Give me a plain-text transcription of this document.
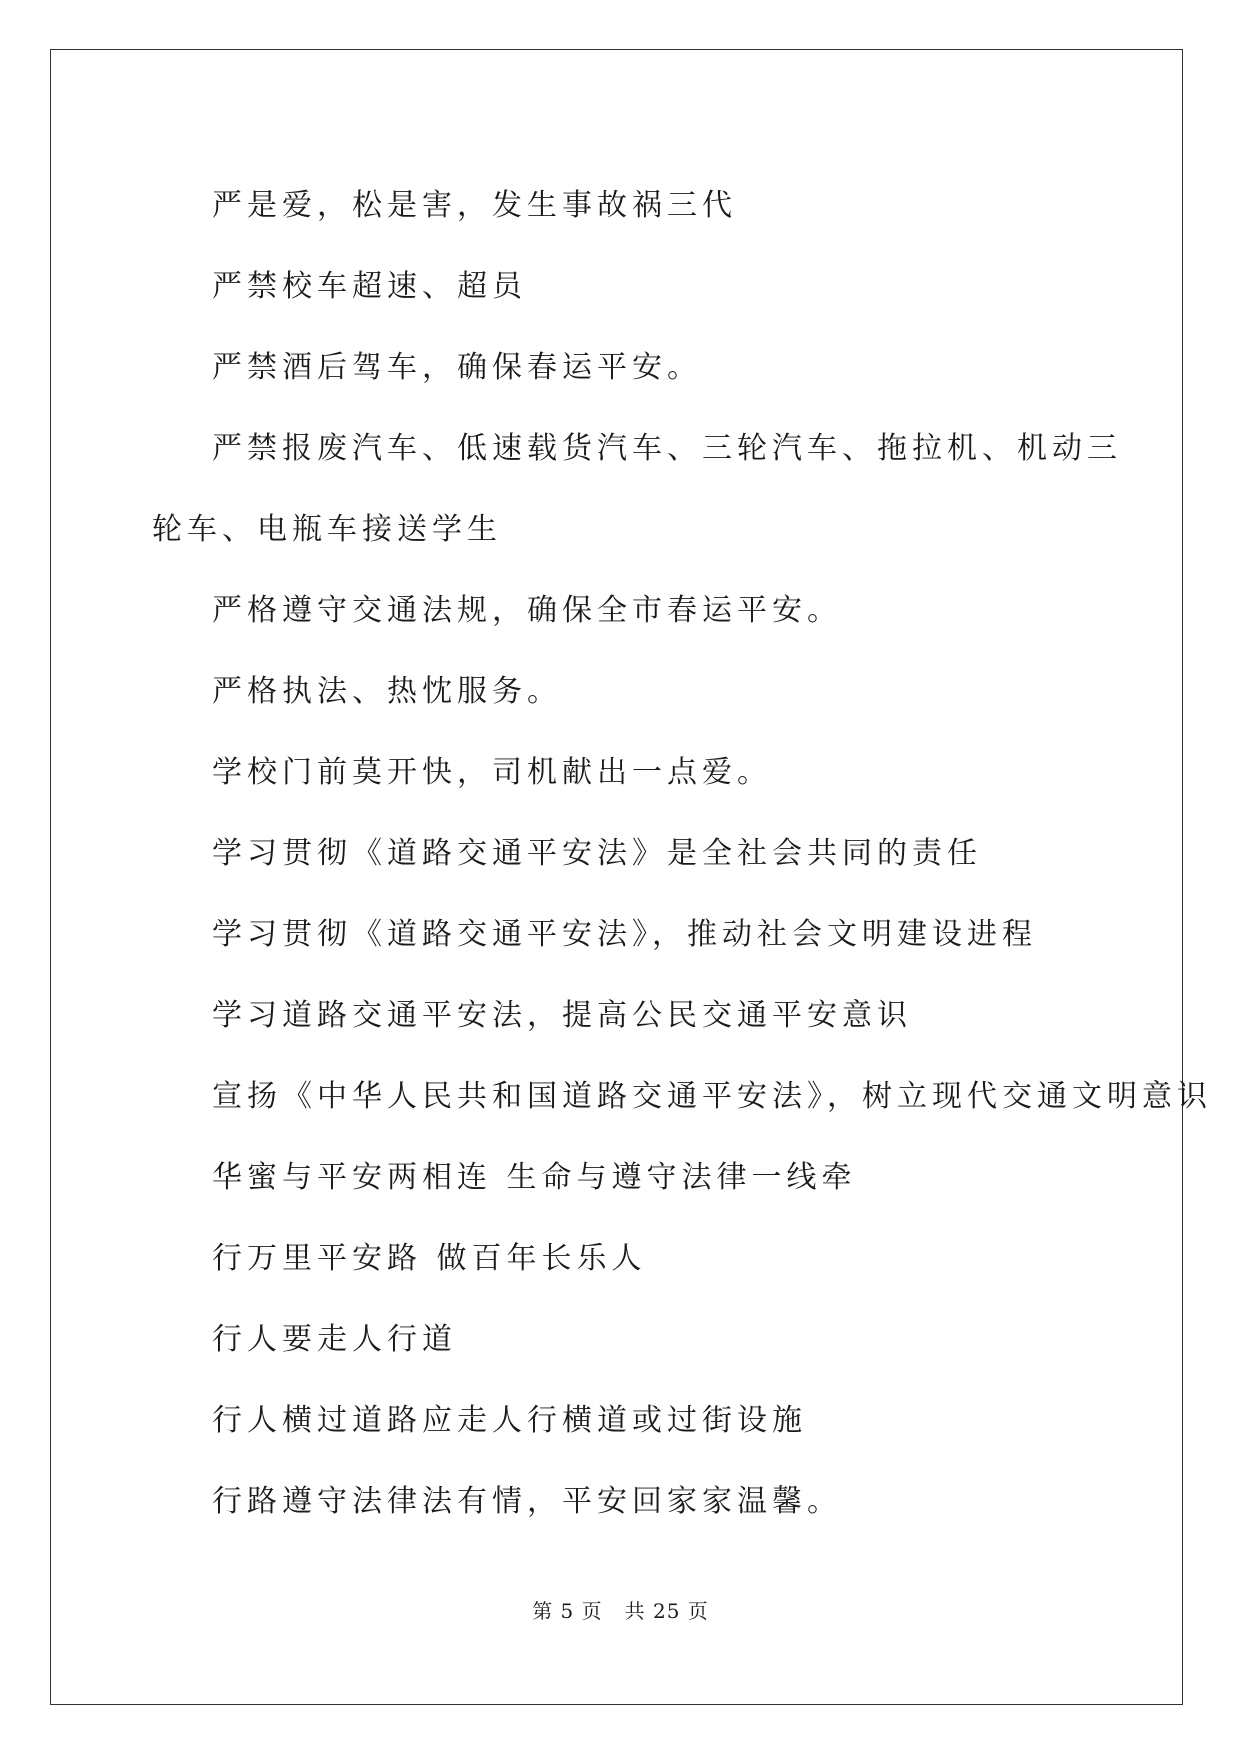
严是爱，松是害，发生事故祸三代

严禁校车超速、超员

严禁酒后驾车，确保春运平安。

严禁报废汽车、低速载货汽车、三轮汽车、拖拉机、机动三轮车、电瓶车接送学生

严格遵守交通法规，确保全市春运平安。

严格执法、热忱服务。

学校门前莫开快，司机献出一点爱。

学习贯彻《道路交通平安法》是全社会共同的责任

学习贯彻《道路交通平安法》，推动社会文明建设进程

学习道路交通平安法，提高公民交通平安意识

宣扬《中华人民共和国道路交通平安法》，树立现代交通文明意识

华蜜与平安两相连 生命与遵守法律一线牵

行万里平安路 做百年长乐人

行人要走人行道

行人横过道路应走人行横道或过街设施

行路遵守法律法有情，平安回家家温馨。

第 5 页 共 25 页
